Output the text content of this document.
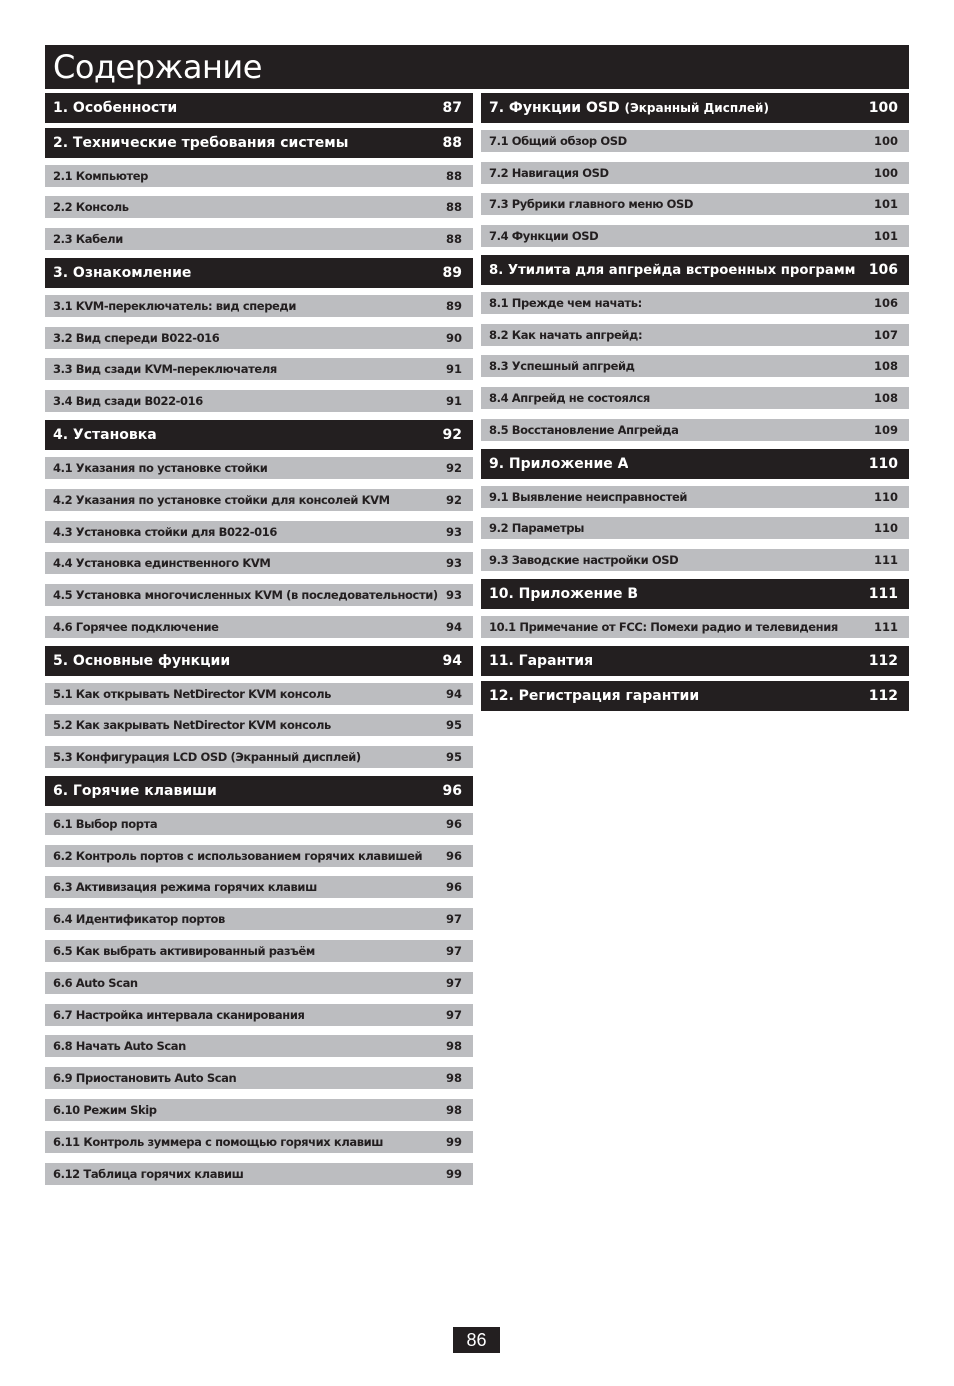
Содержание
1. Особенности	87
2. Технические требования системы	88
2.1 Компьютер	88
2.2 Консоль	88
2.3 Кабели	88
3. Ознакомление	89
3.1 KVM-переключатель: вид спереди	89
3.2 Вид спереди B022-016	90
3.3 Вид сзади KVM-переключателя	91
3.4 Вид сзади B022-016	91
4. Установка	92
4.1 Указания по установке стойки	92
4.2 Указания по установке стойки для консолей KVM	92
4.3 Установка стойки для B022-016	93
4.4 Установка единственного KVM	93
4.5 Установка многочисленных KVM (в последовательности) 93
4.6 Горячее подключение	94
5. Основные функции	94
5.1 Как открывать NetDirector KVM консоль	94
5.2 Как закрывать NetDirector KVM консоль	95
5.3 Конфигурация LCD OSD (Экранный дисплей)	95
6. Горячие клавиши	96
6.1 Выбор порта	96
6.2 Контроль портов с использованием горячих клавишей 96
6.3 Активизация режима горячих клавиш	96
6.4 Идентификатор портов	97
6.5 Как выбрать активированный разъём	97
6.6 Auto Scan	97
6.7 Настройка интервала сканирования	97
6.8 Начать Auto Scan	98
6.9 Приостановить Auto Scan	98
6.10 Режим Skip	98
6.11 Контроль зуммера с помощью горячих клавиш	99
6.12 Таблица горячих клавиш	99
7. Функции OSD (Экранный Дисплей)	100
7.1 Общий обзор OSD	100
7.2 Навигация OSD	100
7.3 Рубрики главного меню OSD	101
7.4 Функции OSD	101
8. Утилита для апгрейда встроенных программ 106
8.1 Прежде чем начать:	106
8.2 Как начать апгрейд:	107
8.3 Успешный апгрейд	108
8.4 Апгрейд не состоялся	108
8.5 Восстановление Апгрейда	109
9. Приложение A	110
9.1 Выявление неисправностей	110
9.2 Параметры	110
9.3 Заводские настройки OSD	111
10. Приложение B	111
10.1 Примечание от FCC: Помехи радио и телевидения	111
11. Гарантия	112
12. Регистрация гарантии	112
86
